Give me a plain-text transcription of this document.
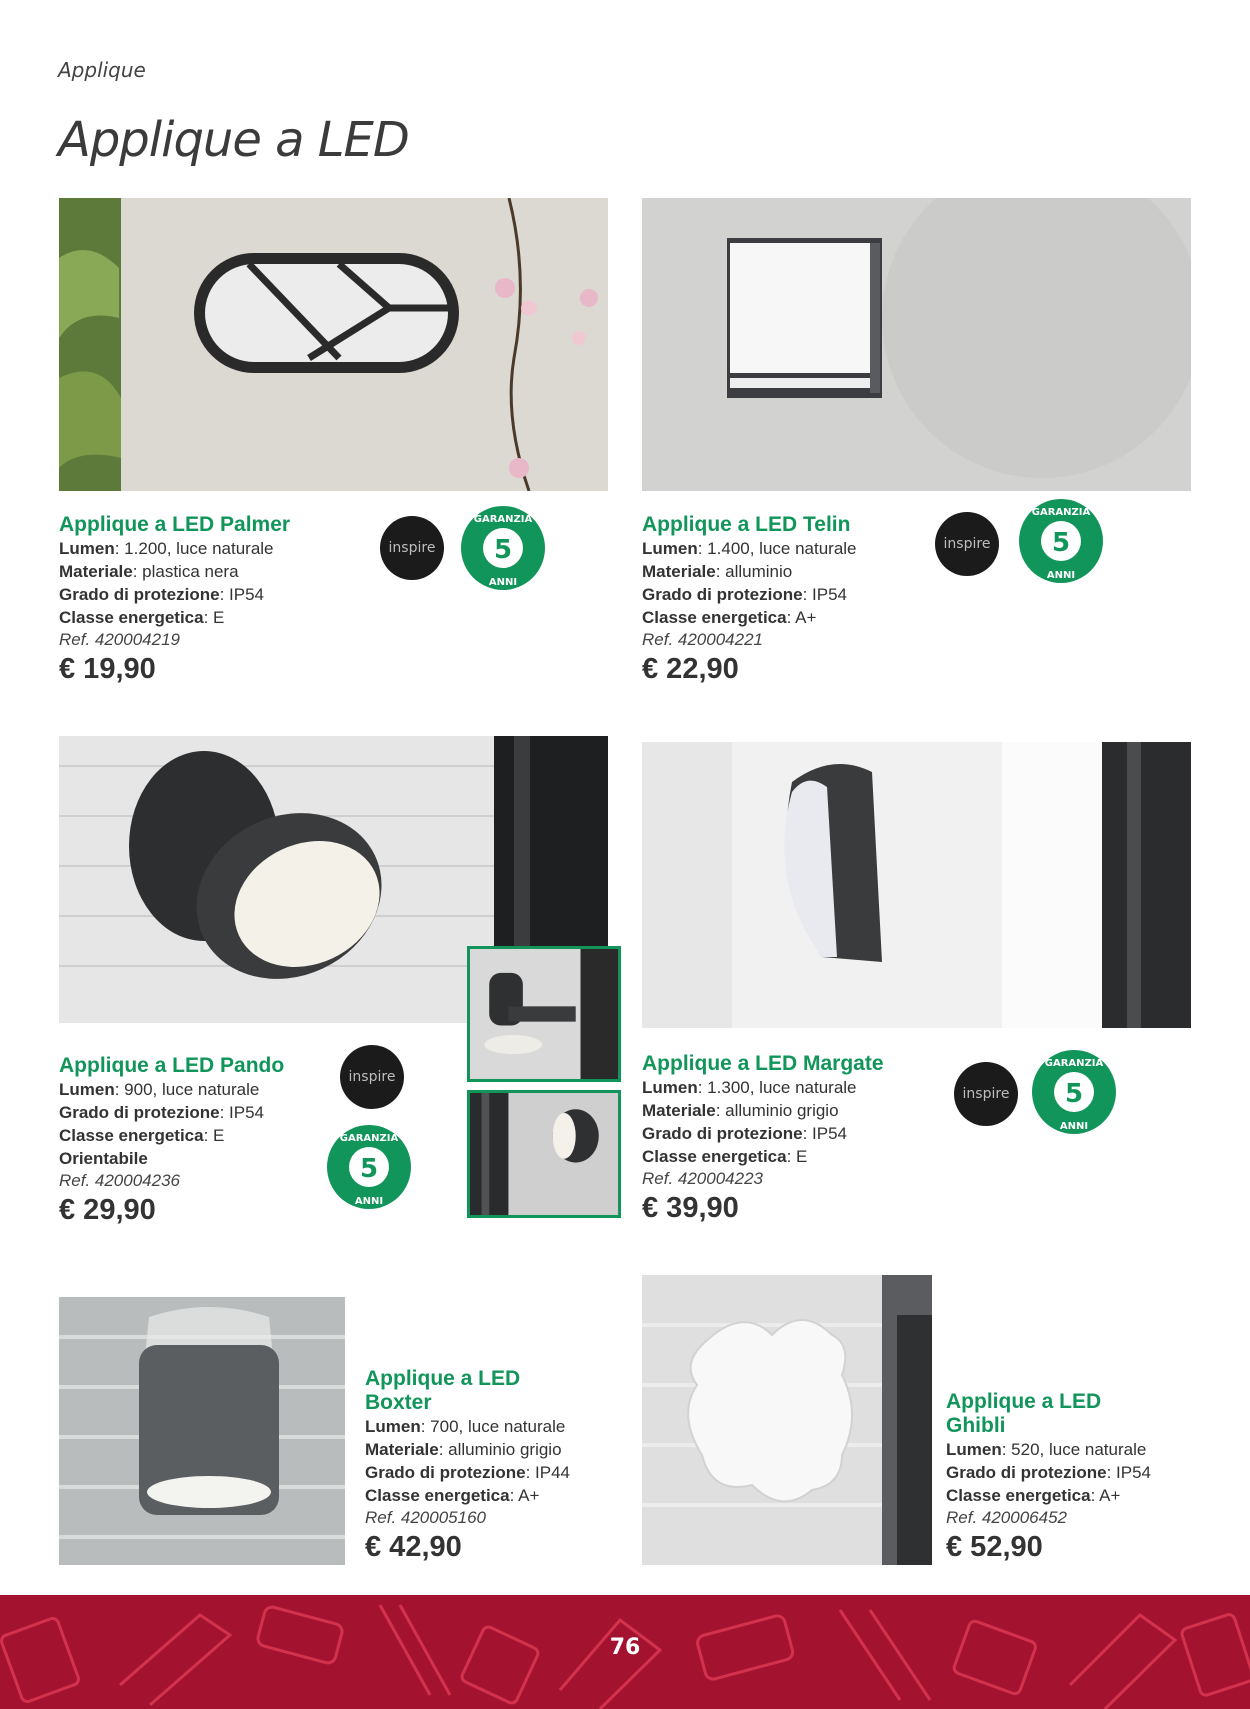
Applique
Applique a LED
Applique a LED Palmer
Lumen: 1.200, luce naturale
Materiale: plastica nera
Grado di protezione: IP54
Classe energetica: E
Ref. 420004219
€ 19,90
inspire	5
GARANZIA
ANNI
Applique a LED Telin
Lumen: 1.400, luce naturale
Materiale: alluminio
Grado di protezione: IP54
Classe energetica: A+
Ref. 420004221
€ 22,90
inspire	5
GARANZIA
ANNI
Applique a LED Pando
Lumen: 900, luce naturale
Grado di protezione: IP54
Classe energetica: E
Orientabile
Ref. 420004236
€ 29,90
inspire
5
GARANZIA
ANNI
Applique a LED Margate
Lumen: 1.300, luce naturale
Materiale: alluminio grigio
Grado di protezione: IP54
Classe energetica: E
Ref. 420004223
€ 39,90
inspire	5
GARANZIA
ANNI
Applique a LED
Boxter
Lumen: 700, luce naturale
Materiale: alluminio grigio
Grado di protezione: IP44
Classe energetica: A+
Ref. 420005160
€ 42,90
Applique a LED
Ghibli
Lumen: 520, luce naturale
Grado di protezione: IP54
Classe energetica: A+
Ref. 420006452
€ 52,90
76
